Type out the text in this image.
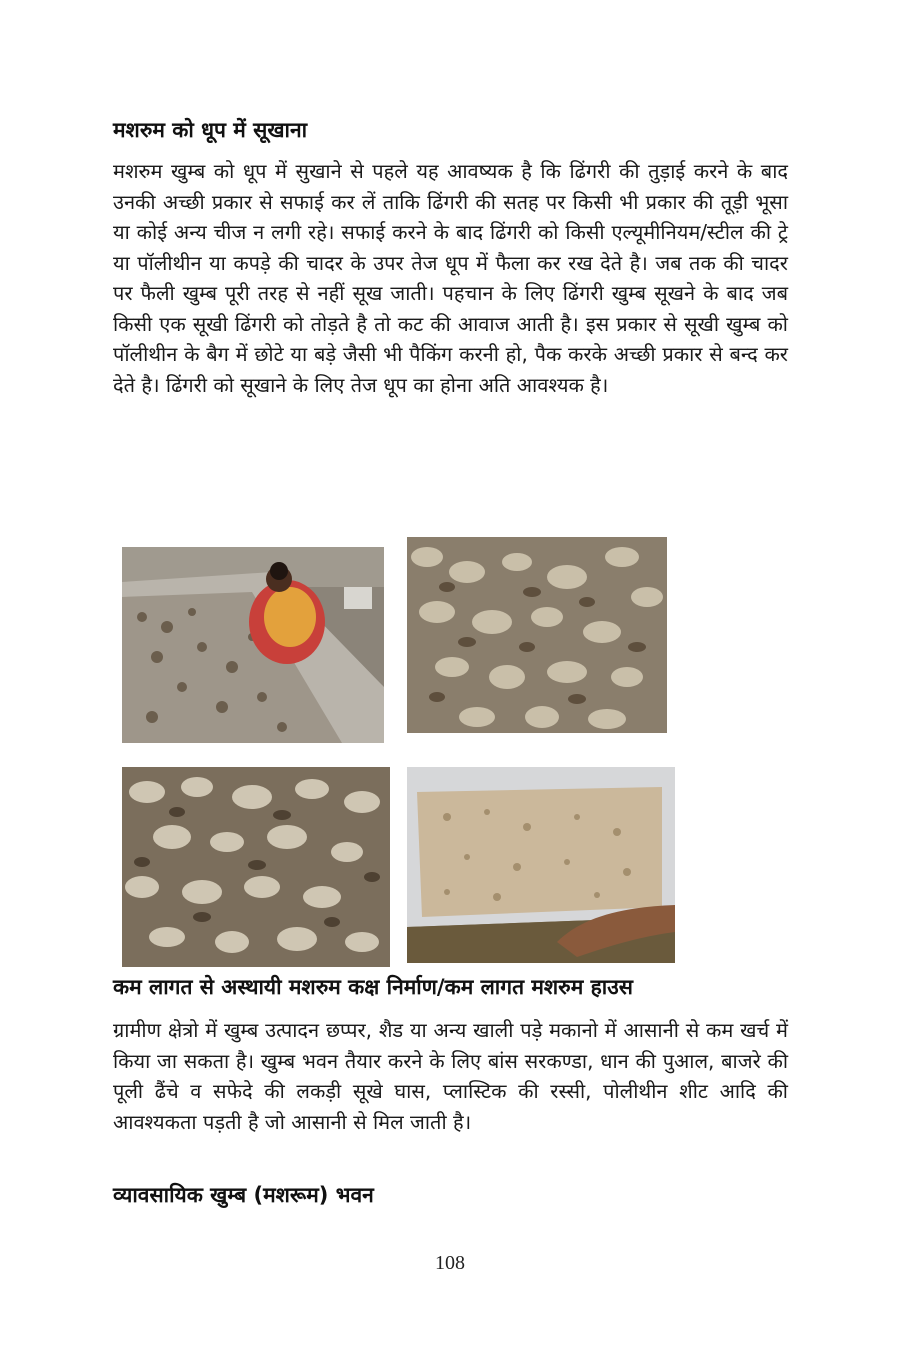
मशरुम को धूप में सूखाना

मशरुम खुम्ब को धूप में सुखाने से पहले यह आवष्यक है कि ढिंगरी की तुड़ाई करने के बाद उनकी अच्छी प्रकार से सफाई कर लें ताकि ढिंगरी की सतह पर किसी भी प्रकार की तूड़ी भूसा या कोई अन्य चीज न लगी रहे। सफाई करने के बाद ढिंगरी को किसी एल्यूमीनियम/स्टील की ट्रे या पॉलीथीन या कपड़े की चादर के उपर तेज धूप में फैला कर रख देते है। जब तक की चादर पर फैली खुम्ब पूरी तरह से नहीं सूख जाती। पहचान के लिए ढिंगरी खुम्ब सूखने के बाद जब किसी एक सूखी ढिंगरी को तोड़ते है तो कट की आवाज आती है। इस प्रकार से सूखी खुम्ब को पॉलीथीन के बैग में छोटे या बड़े जैसी भी पैकिंग करनी हो, पैक करके अच्छी प्रकार से बन्द कर देते है। ढिंगरी को सूखाने के लिए तेज धूप का होना अति आवश्यक है।

कम लागत से अस्थायी मशरुम कक्ष निर्माण/कम लागत मशरुम हाउस

ग्रामीण क्षेत्रो में खुम्ब उत्पादन छप्पर, शैड या अन्य खाली पड़े मकानो में आसानी से कम खर्च में किया जा सकता है। खुम्ब भवन तैयार करने के लिए बांस सरकण्डा, धान की पुआल, बाजरे की पूली ढैंचे व सफेदे की लकड़ी सूखे घास, प्लास्टिक की रस्सी, पोलीथीन शीट आदि की आवश्यकता पड़ती है जो आसानी से मिल जाती है।

व्यावसायिक खुम्ब (मशरूम) भवन

108
